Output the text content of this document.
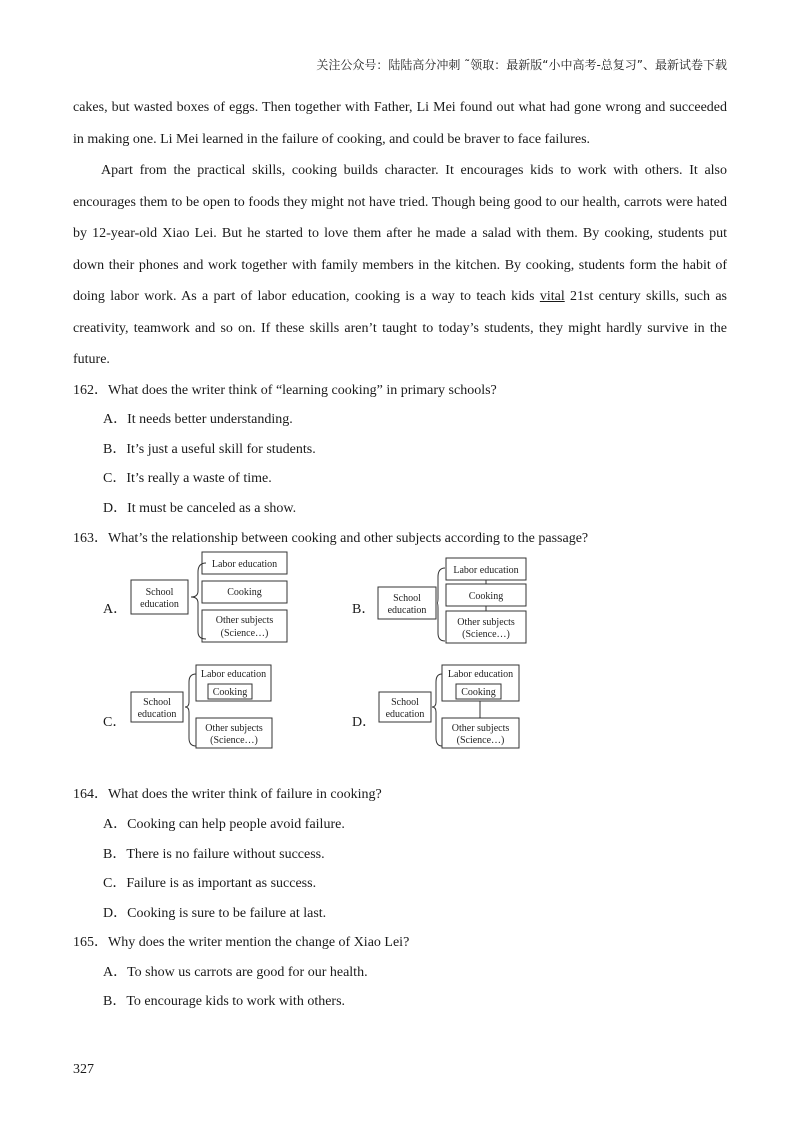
关注公众号：陆陆高分冲刺 ˜领取：最新版“小中高考-总复习”、最新试卷下载

cakes, but wasted boxes of eggs. Then together with Father, Li Mei found out what had gone wrong and succeeded in making one. Li Mei learned in the failure of cooking, and could be braver to face failures.

Apart from the practical skills, cooking builds character. It encourages kids to work with others. It also encourages them to be open to foods they might not have tried. Though being good to our health, carrots were hated by 12-year-old Xiao Lei. But he started to love them after he made a salad with them. By cooking, students put down their phones and work together with family members in the kitchen. By cooking, students form the habit of doing labor work. As a part of labor education, cooking is a way to teach kids vital 21st century skills, such as creativity, teamwork and so on. If these skills aren’t taught to today’s students, they might hardly survive in the future.

162．What does the writer think of “learning cooking” in primary schools?
A．It needs better understanding.
B．It’s just a useful skill for students.
C．It’s really a waste of time.
D．It must be canceled as a show.
163．What’s the relationship between cooking and other subjects according to the passage?
A．
School
education
Labor education
Cooking
Other subjects
(Science…)
B．
School
education
Labor education
Cooking
Other subjects
(Science…)
C．
School
education
Labor education
Cooking
Other subjects
(Science…)
D．
School
education
Labor education
Cooking
Other subjects
(Science…)
164．What does the writer think of failure in cooking?
A．Cooking can help people avoid failure.
B．There is no failure without success.
C．Failure is as important as success.
D．Cooking is sure to be failure at last.
165．Why does the writer mention the change of Xiao Lei?
A．To show us carrots are good for our health.
B．To encourage kids to work with others.
327
